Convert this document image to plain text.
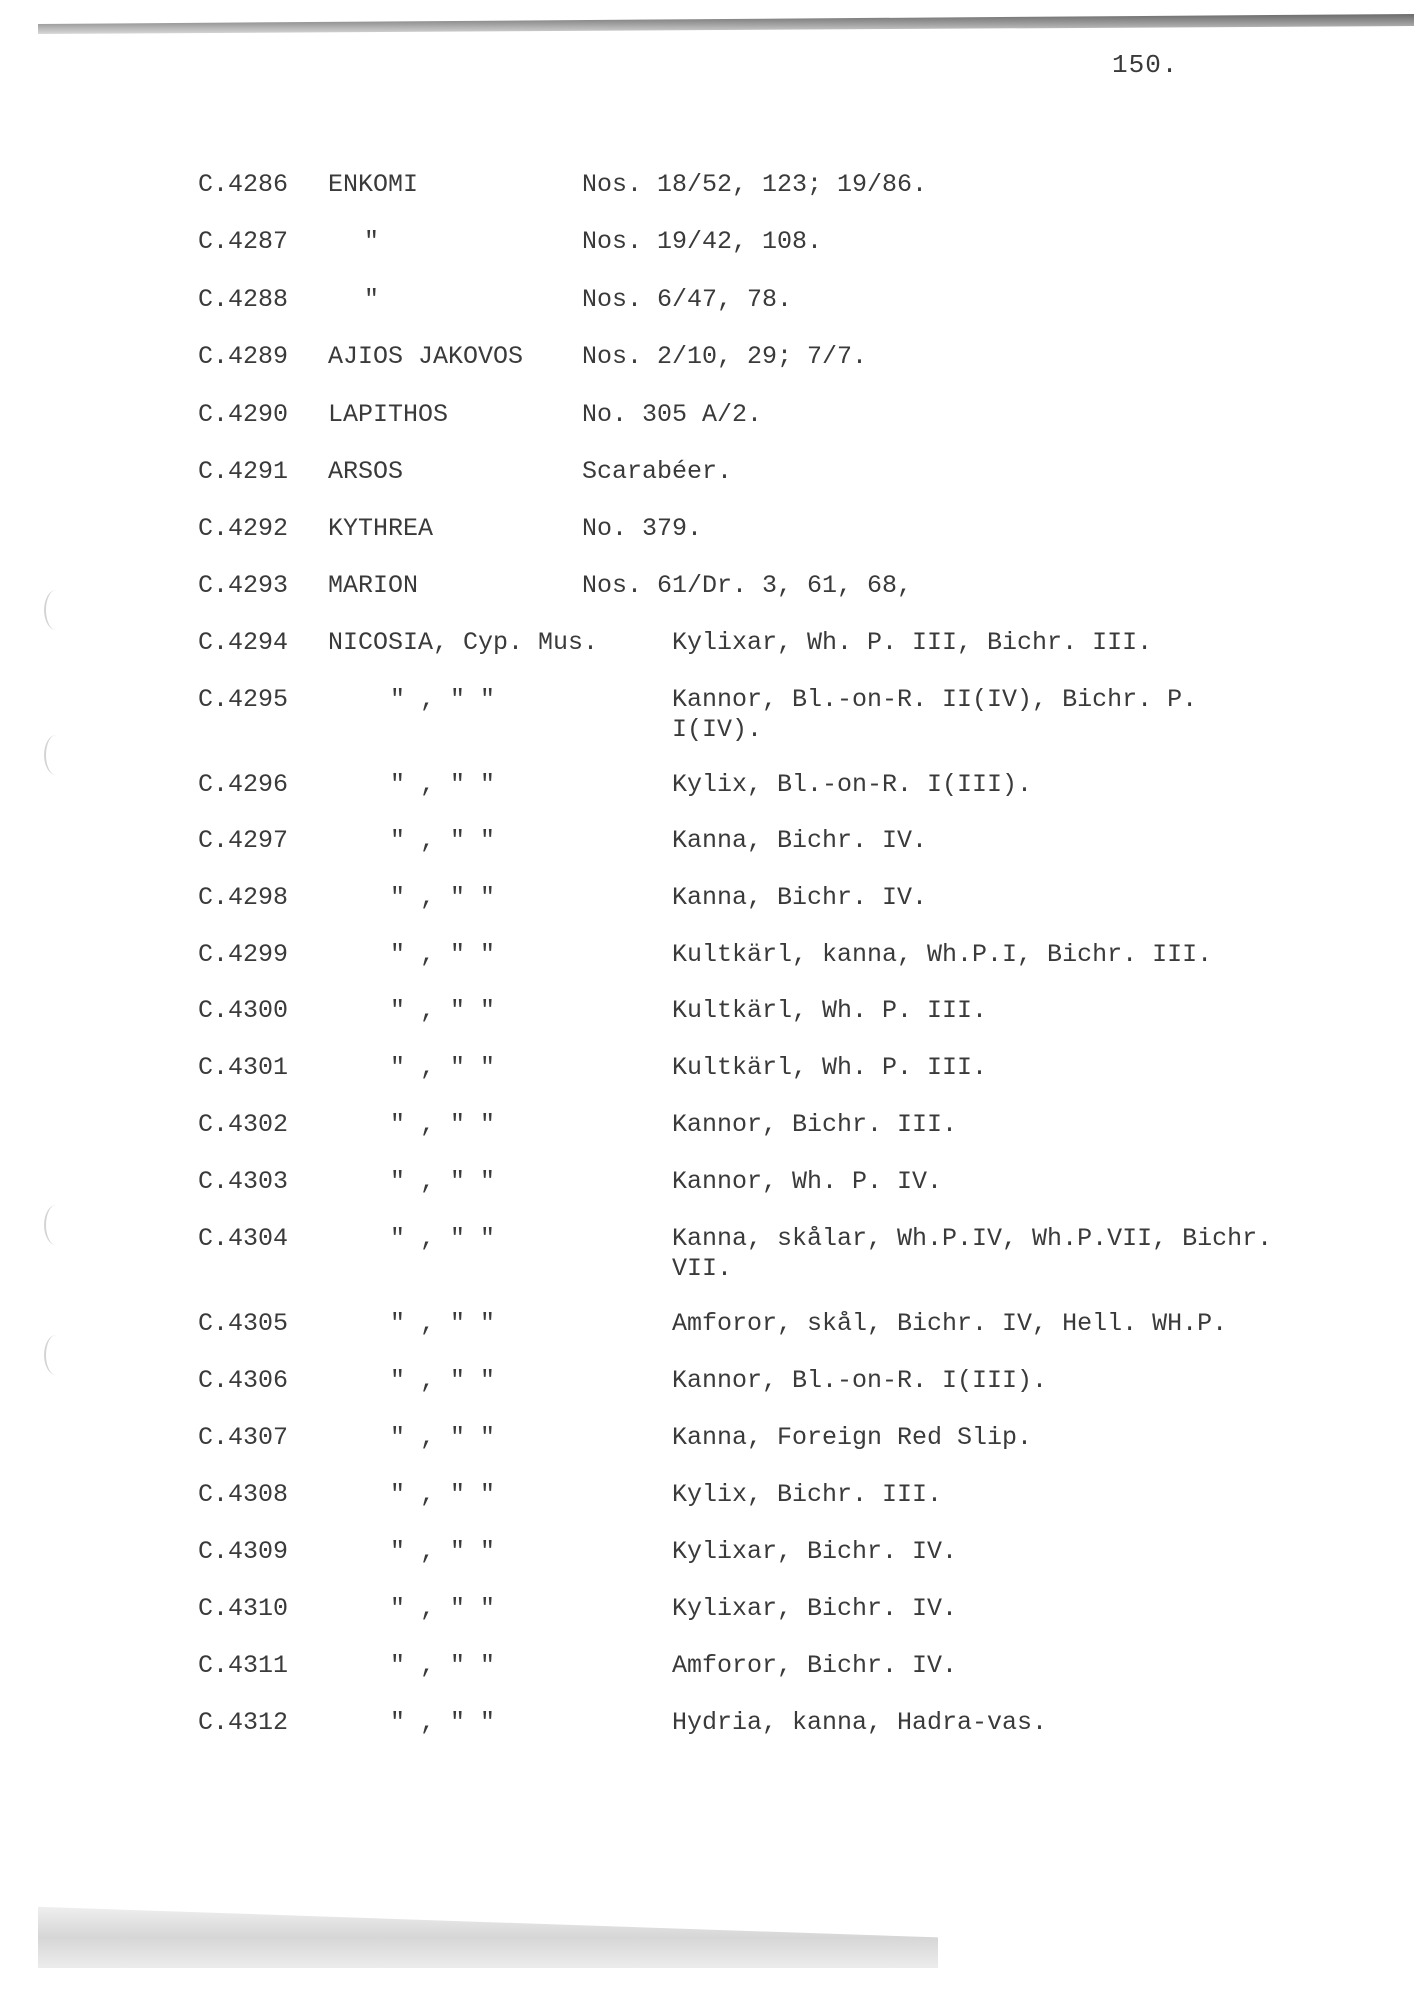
150.
C.4286 ENKOMI	Nos. 18/52, 123; 19/86.
C.4287	"	Nos. 19/42, 108.
C.4288	"	Nos. 6/47, 78.
C.4289 AJIOS JAKOVOS Nos. 2/10, 29; 7/7.
C.4290 LAPITHOS	No. 305 A/2.
C.4291 ARSOS	Scarabéer.
C.4292 KYTHREA	No. 379.
C.4293 MARION	Nos. 61/Dr. 3, 61, 68,
C.4294 NICOSIA, Cyp. Mus.	Kylixar, Wh. P. III, Bichr. III.
C.4295	" , " "	Kannor, Bl.-on-R. II(IV), Bichr. P. I(IV).
C.4296	" , " "	Kylix, Bl.-on-R. I(III).
C.4297	" , " "	Kanna, Bichr. IV.
C.4298	" , " "	Kanna, Bichr. IV.
C.4299	" , " "	Kultkärl, kanna, Wh.P.I, Bichr. III.
C.4300	" , " "	Kultkärl, Wh. P. III.
C.4301	" , " "	Kultkärl, Wh. P. III.
C.4302	" , " "	Kannor, Bichr. III.
C.4303	" , " "	Kannor, Wh. P. IV.
C.4304	" , " "	Kanna, skålar, Wh.P.IV, Wh.P.VII, Bichr. VII.
C.4305	" , " "	Amforor, skål, Bichr. IV, Hell. WH.P.
C.4306	" , " "	Kannor, Bl.-on-R. I(III).
C.4307	" , " "	Kanna, Foreign Red Slip.
C.4308	" , " "	Kylix, Bichr. III.
C.4309	" , " "	Kylixar, Bichr. IV.
C.4310	" , " "	Kylixar, Bichr. IV.
C.4311	" , " "	Amforor, Bichr. IV.
C.4312	" , " "	Hydria, kanna, Hadra-vas.
